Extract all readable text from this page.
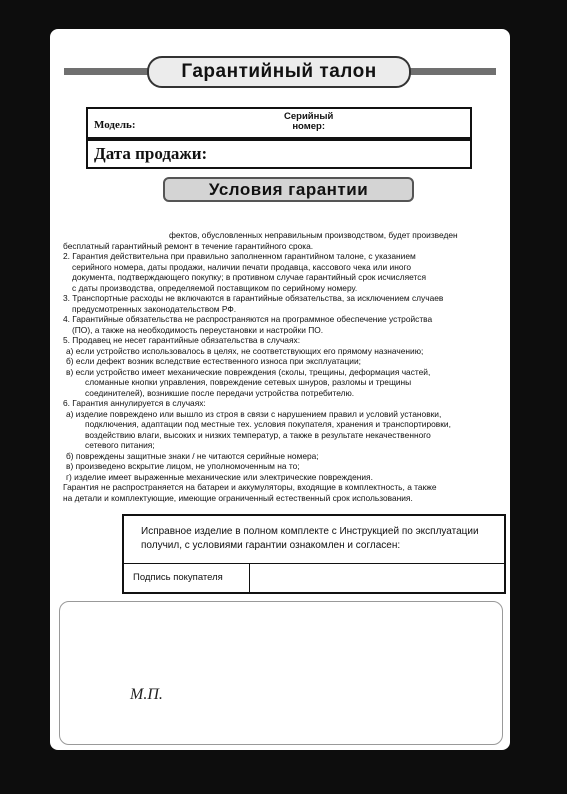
Гарантийный талон
Модель:
Серийный
номер:
Дата продажи:
Условия гарантии
фектов, обусловленных неправильным производством, будет произведен
бесплатный гарантийный ремонт в течение гарантийного срока.
2. Гарантия действительна при правильно заполненном гарантийном талоне, с указанием
серийного номера, даты продажи, наличии печати продавца, кассового чека или иного
документа, подтверждающего покупку; в противном случае гарантийный срок исчисляется
с даты производства, определяемой поставщиком по серийному номеру.
3. Транспортные расходы не включаются в гарантийные обязательства, за исключением случаев
предусмотренных законодательством РФ.
4. Гарантийные обязательства не распространяются на программное обеспечение устройства
(ПО), а также на необходимость переустановки и настройки ПО.
5. Продавец не несет гарантийные обязательства в случаях:
а) если устройство использовалось в целях, не соответствующих его прямому назначению;
б) если дефект возник вследствие естественного износа при эксплуатации;
в) если устройство имеет механические повреждения (сколы, трещины, деформация частей,
сломанные кнопки управления, повреждение сетевых шнуров, разломы и трещины
соединителей), возникшие после передачи устройства потребителю.
6. Гарантия аннулируется в случаях:
а) изделие повреждено или вышло из строя в связи с нарушением правил и условий установки,
подключения, адаптации под местные тех. условия покупателя, хранения и транспортировки,
воздействию влаги, высоких и низких температур, а также в результате некачественного
сетевого питания;
б) повреждены защитные знаки / не читаются серийные номера;
в) произведено вскрытие лицом, не уполномоченным на то;
г) изделие имеет выраженные механические или электрические повреждения.
Гарантия не распространяется на батареи и аккумуляторы, входящие в комплектность, а также
на детали и комплектующие, имеющие ограниченный естественный срок использования.
Исправное изделие в полном комплекте с Инструкцией по эксплуатации
получил, с условиями гарантии ознакомлен и согласен:
Подпись покупателя
М.П.
